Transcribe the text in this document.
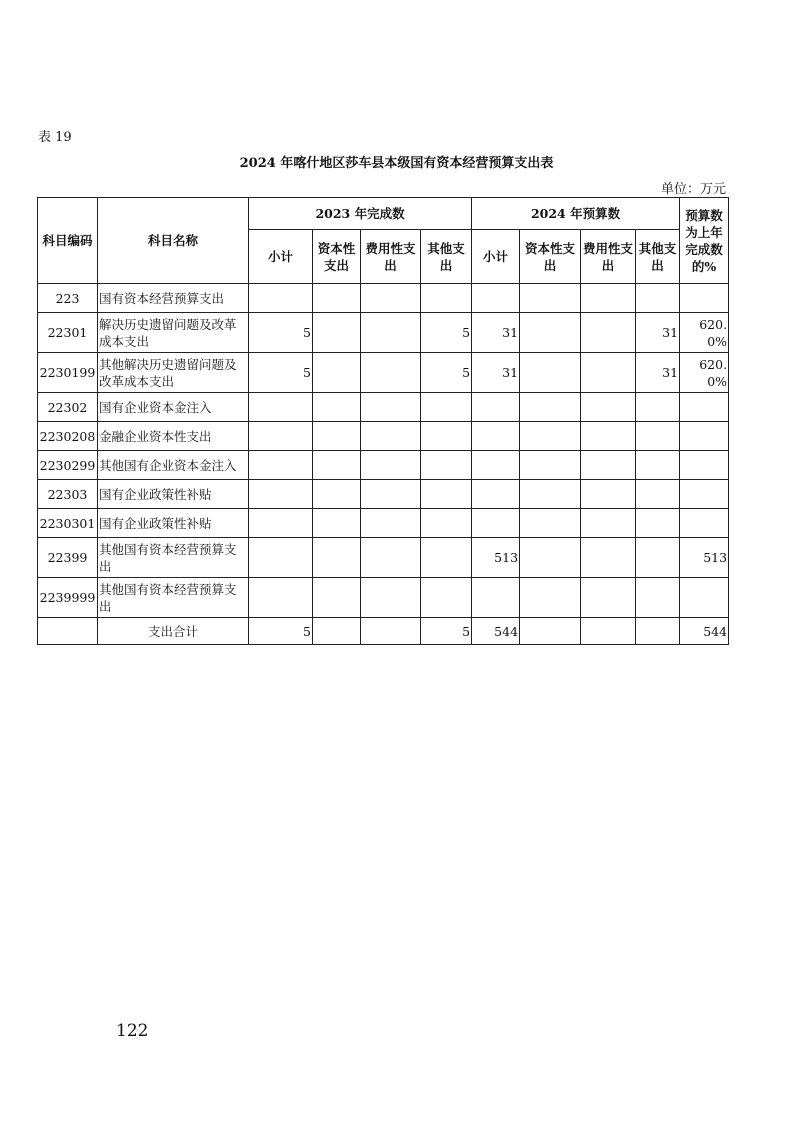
表 19
2024 年喀什地区莎车县本级国有资本经营预算支出表
单位：万元
科目编码	科目名称	2023 年完成数				2024 年预算数				预算数为上年完成数的%
		小计	资本性支出	费用性支出	其他支出	小计	资本性支出	费用性支出	其他支出	
223	国有资本经营预算支出									
22301	解决历史遗留问题及改革成本支出	5			5	31			31	620.0%
2230199	其他解决历史遗留问题及改革成本支出	5			5	31			31	620.0%
22302	国有企业资本金注入									
2230208	金融企业资本性支出									
2230299	其他国有企业资本金注入									
22303	国有企业政策性补贴									
2230301	国有企业政策性补贴									
22399	其他国有资本经营预算支出					513				513
2239999	其他国有资本经营预算支出									
	支出合计	5			5	544				544
122
